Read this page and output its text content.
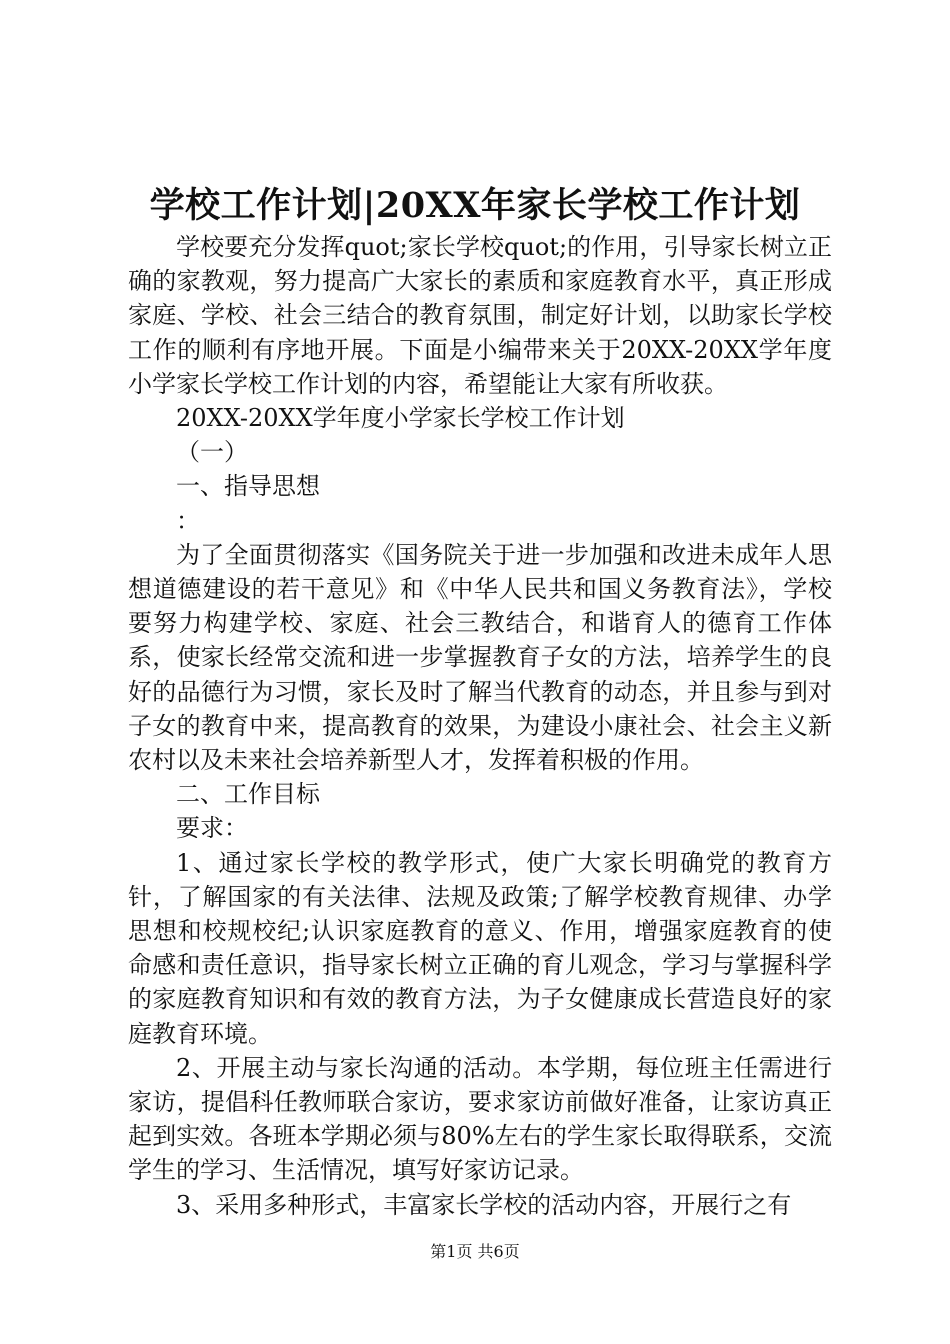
学校工作计划|20XX年家长学校工作计划

学校要充分发挥quot;家长学校quot;的作用，引导家长树立正确的家教观，努力提高广大家长的素质和家庭教育水平，真正形成家庭、学校、社会三结合的教育氛围，制定好计划，以助家长学校工作的顺利有序地开展。下面是小编带来关于20XX-20XX学年度小学家长学校工作计划的内容，希望能让大家有所收获。

20XX-20XX学年度小学家长学校工作计划

（一）

一、指导思想

：

为了全面贯彻落实《国务院关于进一步加强和改进未成年人思想道德建设的若干意见》和《中华人民共和国义务教育法》，学校要努力构建学校、家庭、社会三教结合，和谐育人的德育工作体系，使家长经常交流和进一步掌握教育子女的方法，培养学生的良好的品德行为习惯，家长及时了解当代教育的动态，并且参与到对子女的教育中来，提高教育的效果，为建设小康社会、社会主义新农村以及未来社会培养新型人才，发挥着积极的作用。

二、工作目标

要求：

1、通过家长学校的教学形式，使广大家长明确党的教育方针，了解国家的有关法律、法规及政策;了解学校教育规律、办学思想和校规校纪;认识家庭教育的意义、作用，增强家庭教育的使命感和责任意识，指导家长树立正确的育儿观念，学习与掌握科学的家庭教育知识和有效的教育方法，为子女健康成长营造良好的家庭教育环境。

2、开展主动与家长沟通的活动。本学期，每位班主任需进行家访，提倡科任教师联合家访，要求家访前做好准备，让家访真正起到实效。各班本学期必须与80%左右的学生家长取得联系，交流学生的学习、生活情况，填写好家访记录。

3、采用多种形式，丰富家长学校的活动内容，开展行之有

第1页 共6页
